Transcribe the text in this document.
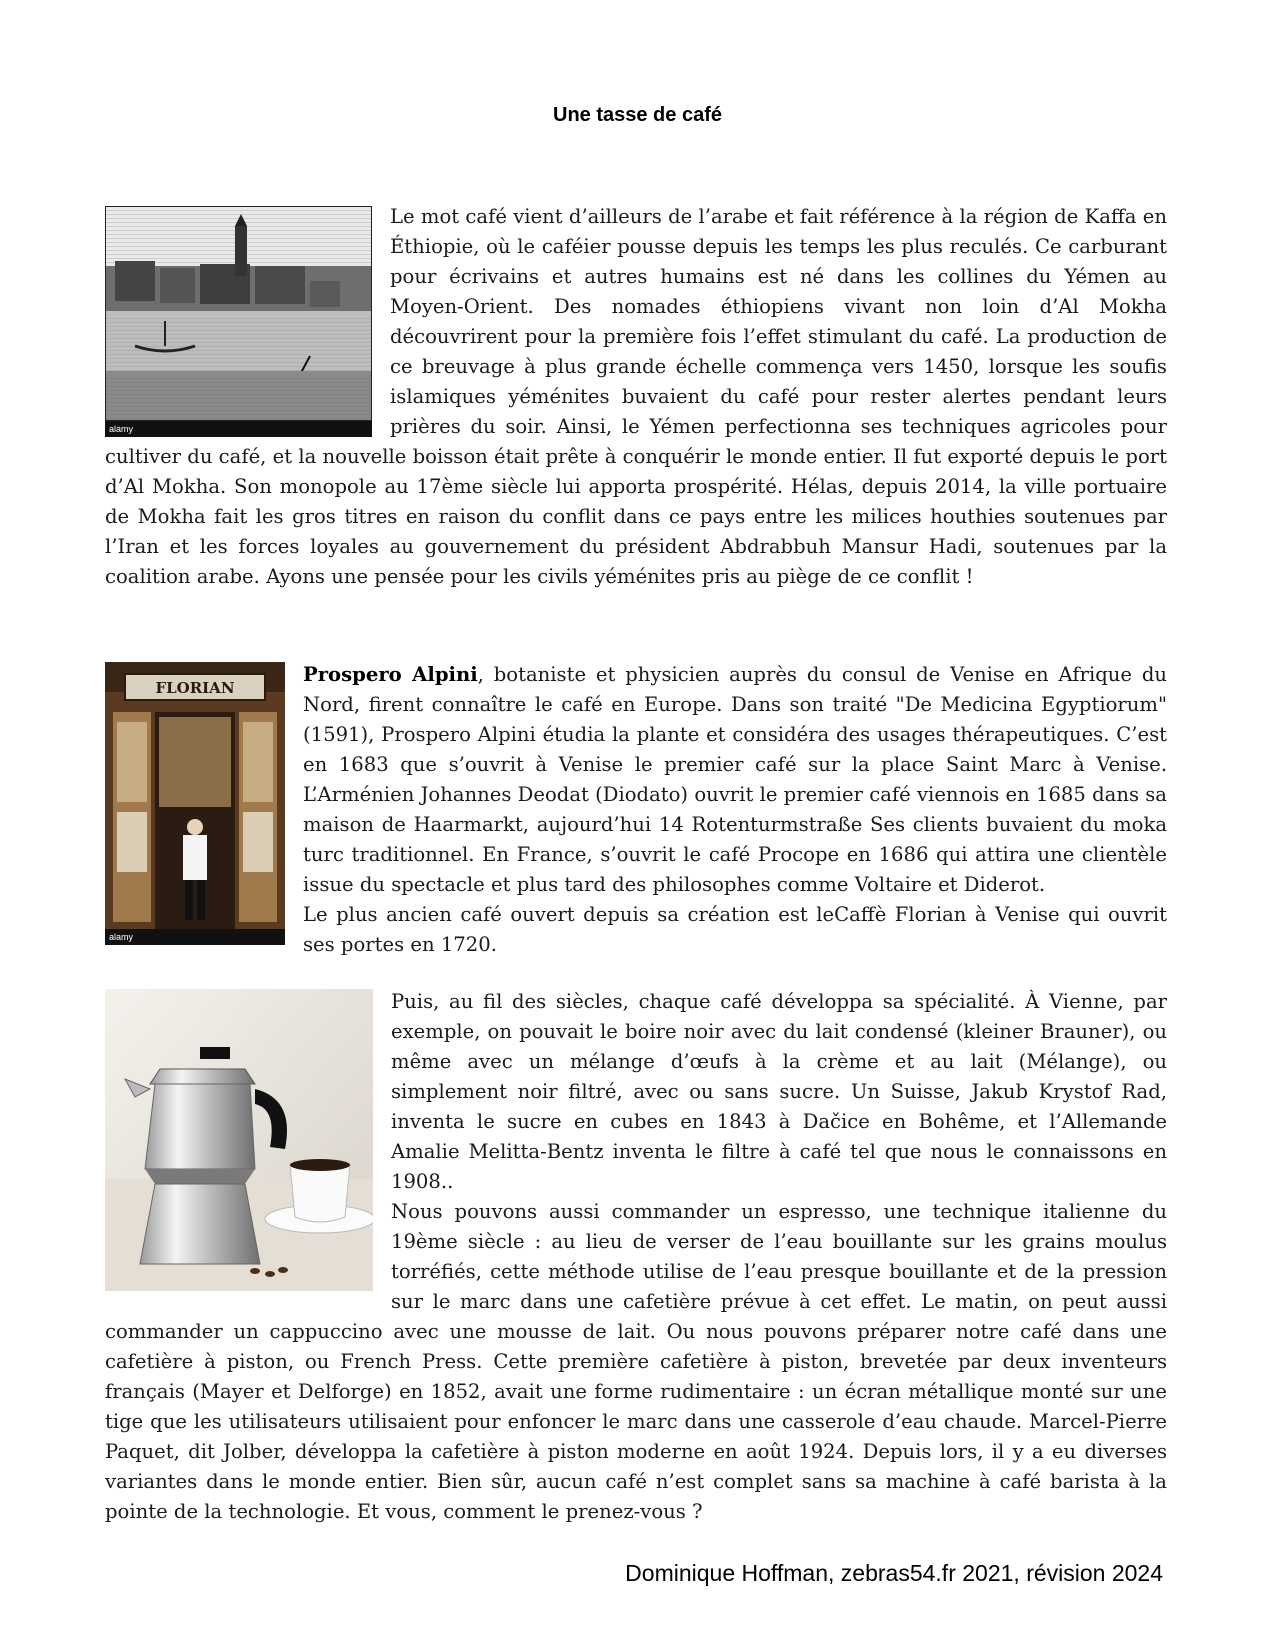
Une tasse de café
alamy

Le mot café vient d’ailleurs de l’arabe et fait référence à la région de Kaffa en Éthiopie, où le caféier pousse depuis les temps les plus reculés. Ce carburant pour écrivains et autres humains est né dans les collines du Yémen au Moyen-Orient. Des nomades éthiopiens vivant non loin d’Al Mokha découvrirent pour la première fois l’effet stimulant du café. La production de ce breuvage à plus grande échelle commença vers 1450, lorsque les soufis islamiques yéménites buvaient du café pour rester alertes pendant leurs prières du soir. Ainsi, le Yémen perfectionna ses techniques agricoles pour cultiver du café, et la nouvelle boisson était prête à conquérir le monde entier. Il fut exporté depuis le port d’Al Mokha. Son monopole au 17ème siècle lui apporta prospérité. Hélas, depuis 2014, la ville portuaire de Mokha fait les gros titres en raison du conflit dans ce pays entre les milices houthies soutenues par l’Iran et les forces loyales au gouvernement du président Abdrabbuh Mansur Hadi, soutenues par la coalition arabe. Ayons une pensée pour les civils yéménites pris au piège de ce conflit !

FLORIAN
alamy

Prospero Alpini, botaniste et physicien auprès du consul de Venise en Afrique du Nord, firent connaître le café en Europe. Dans son traité "De Medicina Egyptiorum" (1591), Prospero Alpini étudia la plante et considéra des usages thérapeutiques. C’est en 1683 que s’ouvrit à Venise le premier café sur la place Saint Marc à Venise. L’Arménien Johannes Deodat (Diodato) ouvrit le premier café viennois en 1685 dans sa maison de Haarmarkt, aujourd’hui 14 Rotenturmstraße Ses clients buvaient du moka turc traditionnel. En France, s’ouvrit le café Procope en 1686 qui attira une clientèle issue du spectacle et plus tard des philosophes comme Voltaire et Diderot.

Le plus ancien café ouvert depuis sa création est leCaffè Florian à Venise qui ouvrit ses portes en 1720.

Puis, au fil des siècles, chaque café développa sa spécialité. À Vienne, par exemple, on pouvait le boire noir avec du lait condensé (kleiner Brauner), ou même avec un mélange d’œufs à la crème et au lait (Mélange), ou simplement noir filtré, avec ou sans sucre. Un Suisse, Jakub Krystof Rad, inventa le sucre en cubes en 1843 à Dačice en Bohême, et l’Allemande Amalie Melitta-Bentz inventa le filtre à café tel que nous le connaissons en 1908..

Nous pouvons aussi commander un espresso, une technique italienne du 19ème siècle : au lieu de verser de l’eau bouillante sur les grains moulus torréfiés, cette méthode utilise de l’eau presque bouillante et de la pression sur le marc dans une cafetière prévue à cet effet. Le matin, on peut aussi commander un cappuccino avec une mousse de lait. Ou nous pouvons préparer notre café dans une cafetière à piston, ou French Press. Cette première cafetière à piston, brevetée par deux inventeurs français (Mayer et Delforge) en 1852, avait une forme rudimentaire : un écran métallique monté sur une tige que les utilisateurs utilisaient pour enfoncer le marc dans une casserole d’eau chaude. Marcel-Pierre Paquet, dit Jolber, développa la cafetière à piston moderne en août 1924. Depuis lors, il y a eu diverses variantes dans le monde entier. Bien sûr, aucun café n’est complet sans sa machine à café barista à la pointe de la technologie. Et vous, comment le prenez-vous ?

Dominique Hoffman, zebras54.fr 2021, révision 2024
